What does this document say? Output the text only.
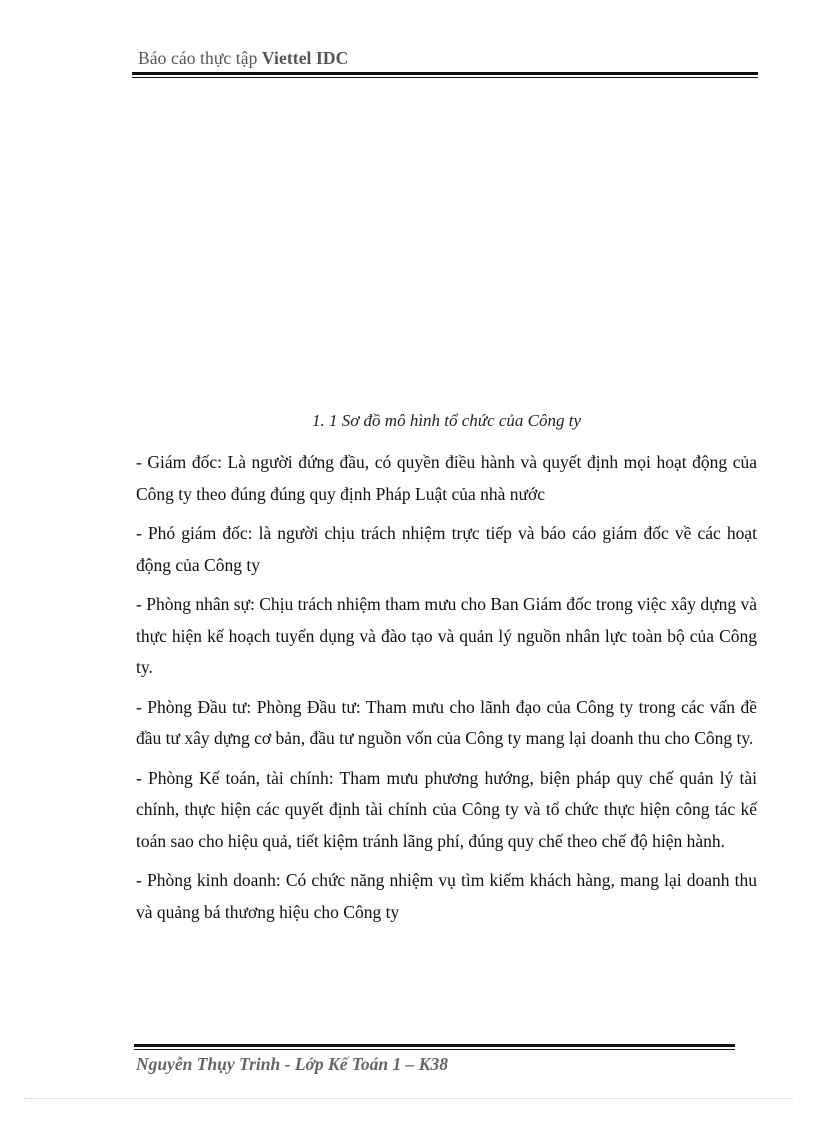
Báo cáo thực tập Viettel IDC
1. 1 Sơ đồ mô hình tổ chức của Công ty

- Giám đốc: Là người đứng đầu, có quyền điều hành và quyết định mọi hoạt động của Công ty theo đúng đúng quy định Pháp Luật của nhà nước

- Phó giám đốc: là người chịu trách nhiệm trực tiếp và báo cáo giám đốc về các hoạt động của Công ty

- Phòng nhân sự: Chịu trách nhiệm tham mưu cho Ban Giám đốc trong việc xây dựng và thực hiện kế hoạch tuyển dụng và đào tạo và quản lý nguồn nhân lực toàn bộ của Công ty.

- Phòng Đầu tư: Phòng Đầu tư: Tham mưu cho lãnh đạo của Công ty trong các vấn đề đầu tư xây dựng cơ bản, đầu tư nguồn vốn của Công ty mang lại doanh thu cho Công ty.

- Phòng Kế toán, tài chính: Tham mưu phương hướng, biện pháp quy chế quản lý tài chính, thực hiện các quyết định tài chính của Công ty và tổ chức thực hiện công tác kế toán sao cho hiệu quả, tiết kiệm tránh lãng phí, đúng quy chế theo chế độ hiện hành.

- Phòng kinh doanh: Có chức năng nhiệm vụ tìm kiếm khách hàng, mang lại doanh thu và quảng bá thương hiệu cho Công ty

Nguyễn Thụy Trinh - Lớp Kế Toán 1 – K38
